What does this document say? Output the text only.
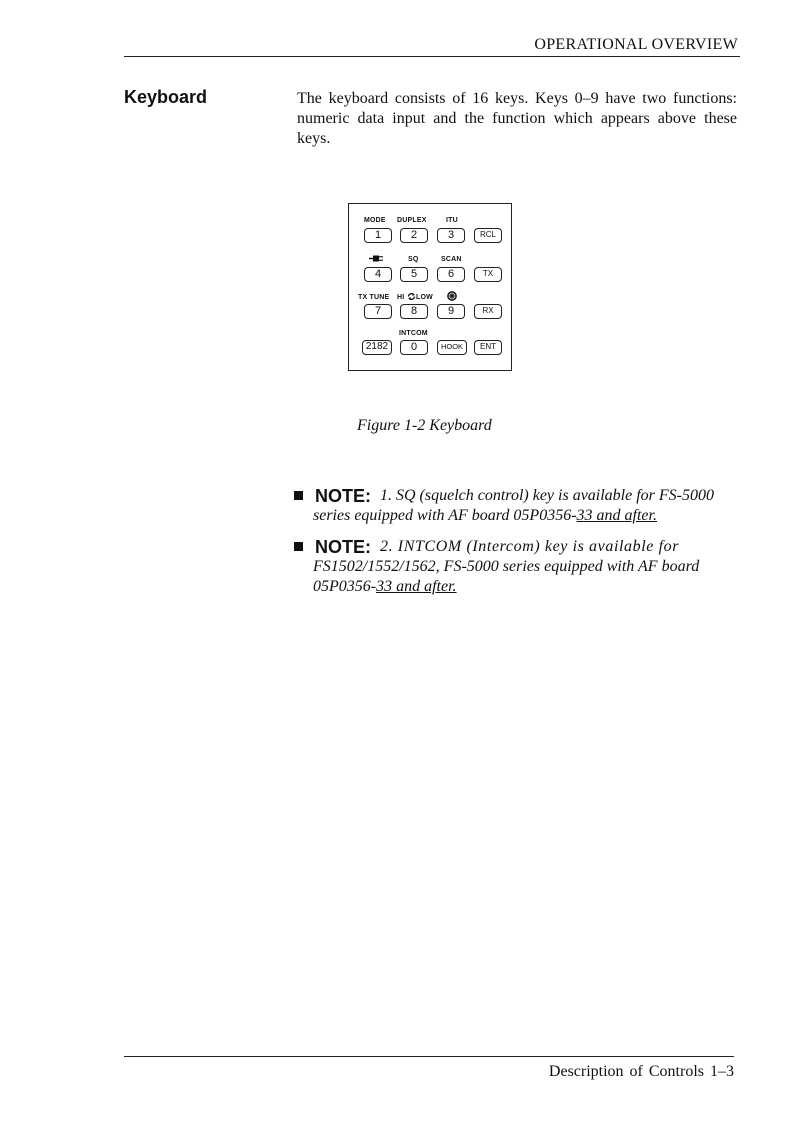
OPERATIONAL OVERVIEW
Keyboard	The keyboard consists of 16 keys. Keys 0–9 have two functions: numeric data input and the function which appears above these keys.

MODE DUPLEX	ITU
1	2	3	RCL
SQ	SCAN
4	5	6	TX
TX TUNE HI LOW
7	8	9	RX
INTCOM
2182	0	HOOK	ENT
Figure 1-2 Keyboard
NOTE: 1. SQ (squelch control) key is available for FS-5000
series equipped with AF board 05P0356-33 and after.
NOTE: 2. INTCOM (Intercom) key is available for
FS1502/1552/1562, FS-5000 series equipped with AF board
05P0356-33 and after.
Description of Controls 1–3
